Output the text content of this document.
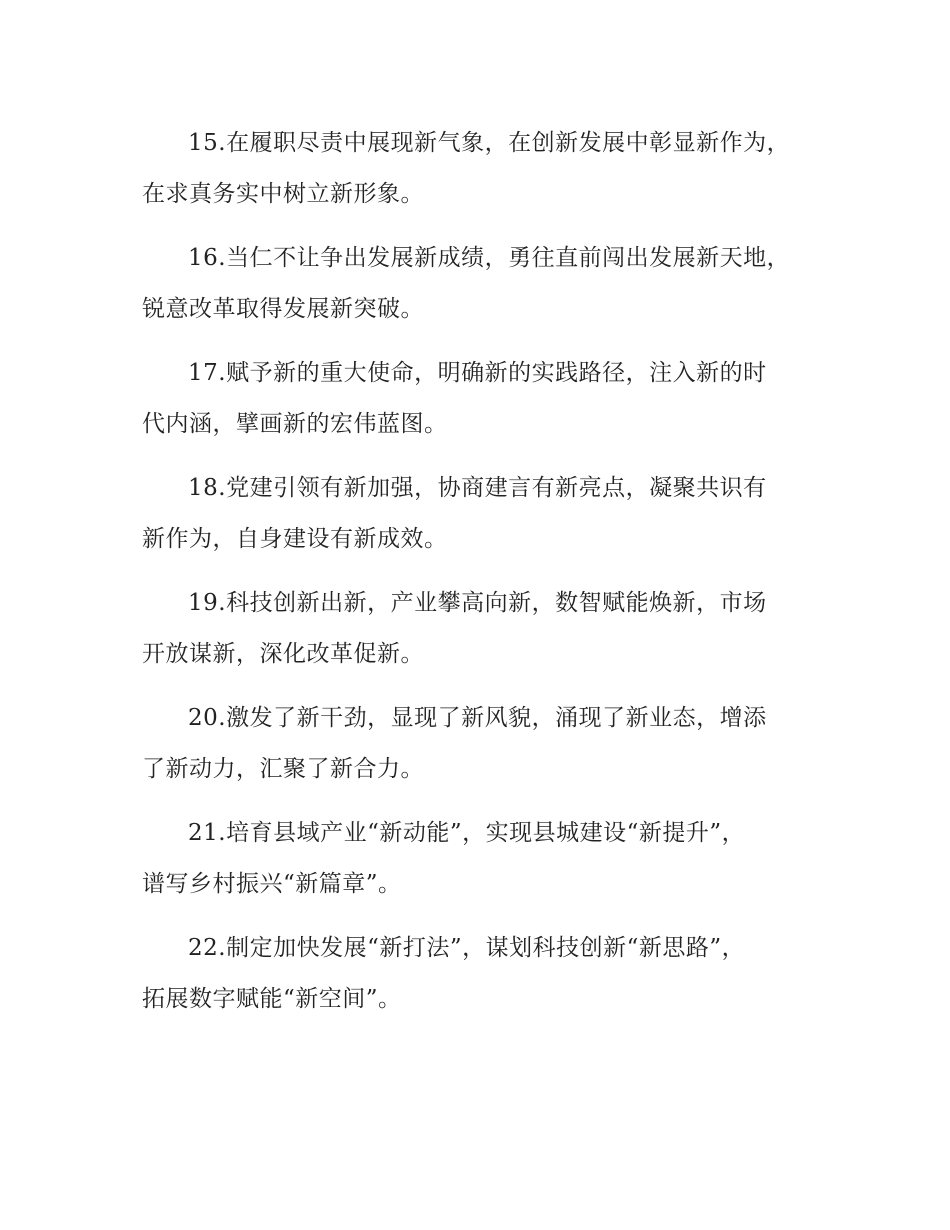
15.在履职尽责中展现新气象，在创新发展中彰显新作为，
在求真务实中树立新形象。

16.当仁不让争出发展新成绩，勇往直前闯出发展新天地，
锐意改革取得发展新突破。

17.赋予新的重大使命，明确新的实践路径，注入新的时
代内涵，擘画新的宏伟蓝图。

18.党建引领有新加强，协商建言有新亮点，凝聚共识有
新作为，自身建设有新成效。

19.科技创新出新，产业攀高向新，数智赋能焕新，市场
开放谋新，深化改革促新。

20.激发了新干劲，显现了新风貌，涌现了新业态，增添
了新动力，汇聚了新合力。

21.培育县域产业“新动能”，实现县城建设“新提升”，
谱写乡村振兴“新篇章”。

22.制定加快发展“新打法”，谋划科技创新“新思路”，
拓展数字赋能“新空间”。
